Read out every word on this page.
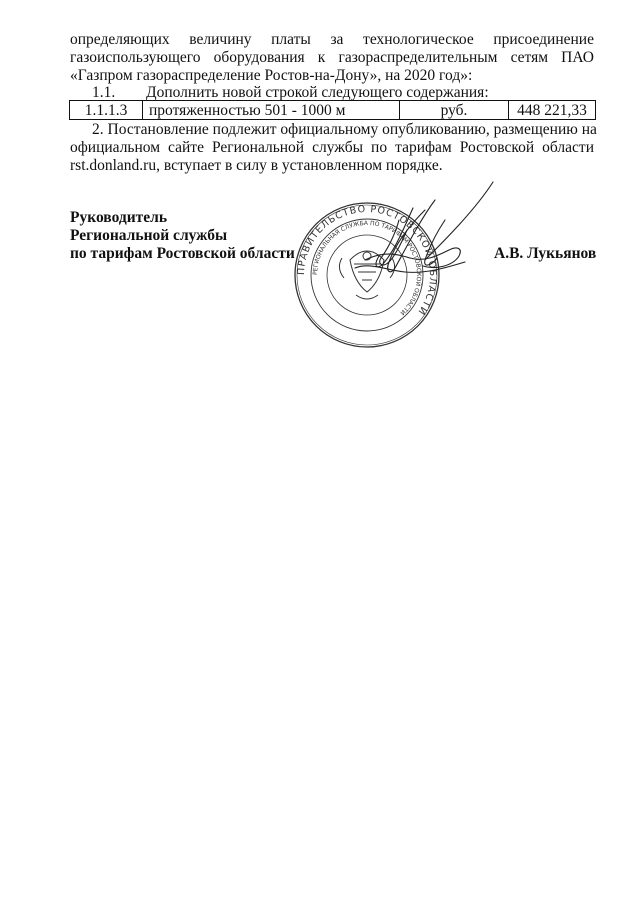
определяющих величину платы за технологическое присоединение
газоиспользующего оборудования к газораспределительным сетям ПАО
«Газпром газораспределение Ростов-на-Дону», на 2020 год»:
1.1. Дополнить новой строкой следующего содержания:
1.1.1.3	протяженностью 501 - 1000 м	руб.	448 221,33
2. Постановление подлежит официальному опубликованию, размещению на
официальном сайте Региональной службы по тарифам Ростовской области
rst.donland.ru, вступает в силу в установленном порядке.
Руководитель
Региональной службы
по тарифам Ростовской области	А.В. Лукьянов
ПРАВИТЕЛЬСТВО РОСТОВСКОЙ ОБЛАСТИ
РЕГИОНАЛЬНАЯ СЛУЖБА ПО ТАРИФАМ РОСТОВСКОЙ ОБЛАСТИ
